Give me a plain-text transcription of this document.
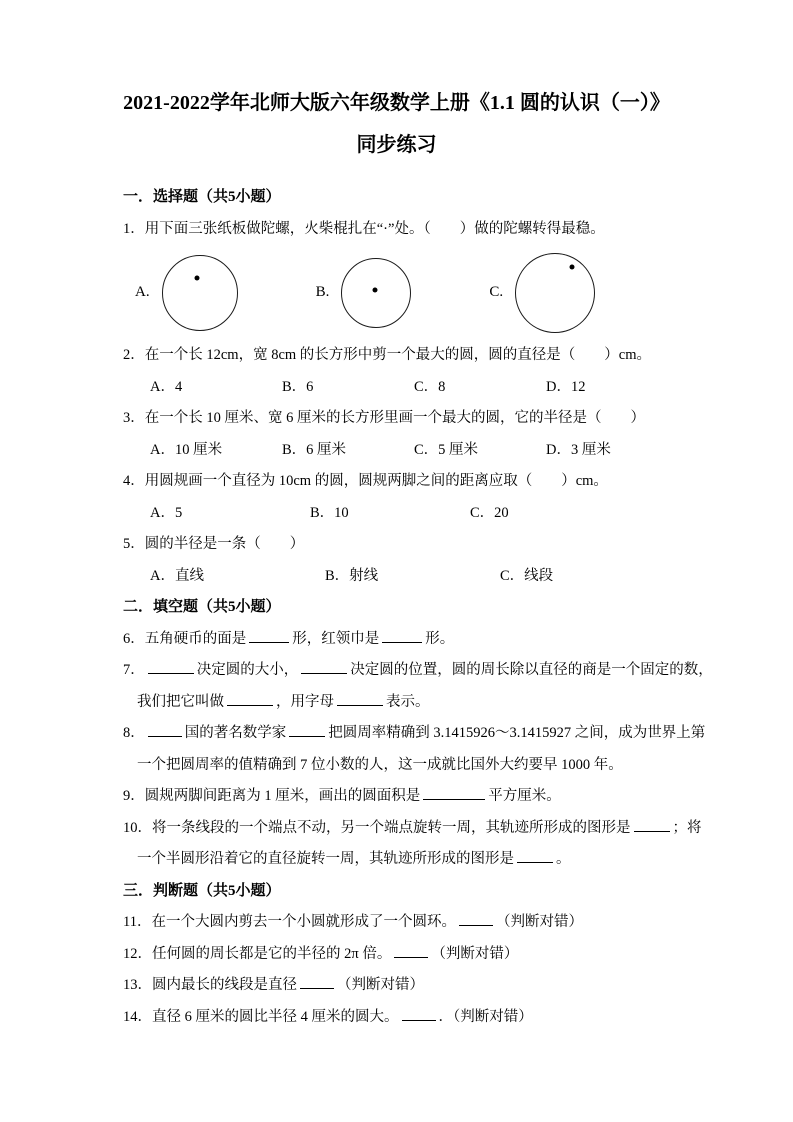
2021-2022学年北师大版六年级数学上册《1.1 圆的认识（一）》
同步练习
一．选择题（共5小题）
1．用下面三张纸板做陀螺，火柴棍扎在“·”处。（　　）做的陀螺转得最稳。
A.	B.	C.
2．在一个长 12cm，宽 8cm 的长方形中剪一个最大的圆，圆的直径是（　　）cm。
A．4	B．6	C．8	D．12
3．在一个长 10 厘米、宽 6 厘米的长方形里画一个最大的圆，它的半径是（　　）
A．10 厘米	B．6 厘米	C．5 厘米	D．3 厘米
4．用圆规画一个直径为 10cm 的圆，圆规两脚之间的距离应取（　　）cm。
A．5	B．10	C．20
5．圆的半径是一条（　　）
A．直线	B．射线	C．线段
二．填空题（共5小题）
6．五角硬币的面是	形，红领巾是	形。
7．	决定圆的大小，	决定圆的位置，圆的周长除以直径的商是一个固定的数，
我们把它叫做	，用字母	表示。
8．	国的著名数学家	把圆周率精确到 3.1415926～3.1415927 之间，成为世界上第
一个把圆周率的值精确到 7 位小数的人，这一成就比国外大约要早 1000 年。
9．圆规两脚间距离为 1 厘米，画出的圆面积是	平方厘米。
10．将一条线段的一个端点不动，另一个端点旋转一周，其轨迹所形成的图形是	；将
一个半圆形沿着它的直径旋转一周，其轨迹所形成的图形是	。
三．判断题（共5小题）
11．在一个大圆内剪去一个小圆就形成了一个圆环。	（判断对错）
12．任何圆的周长都是它的半径的 2π 倍。	（判断对错）
13．圆内最长的线段是直径	（判断对错）
14．直径 6 厘米的圆比半径 4 厘米的圆大。	．（判断对错）
